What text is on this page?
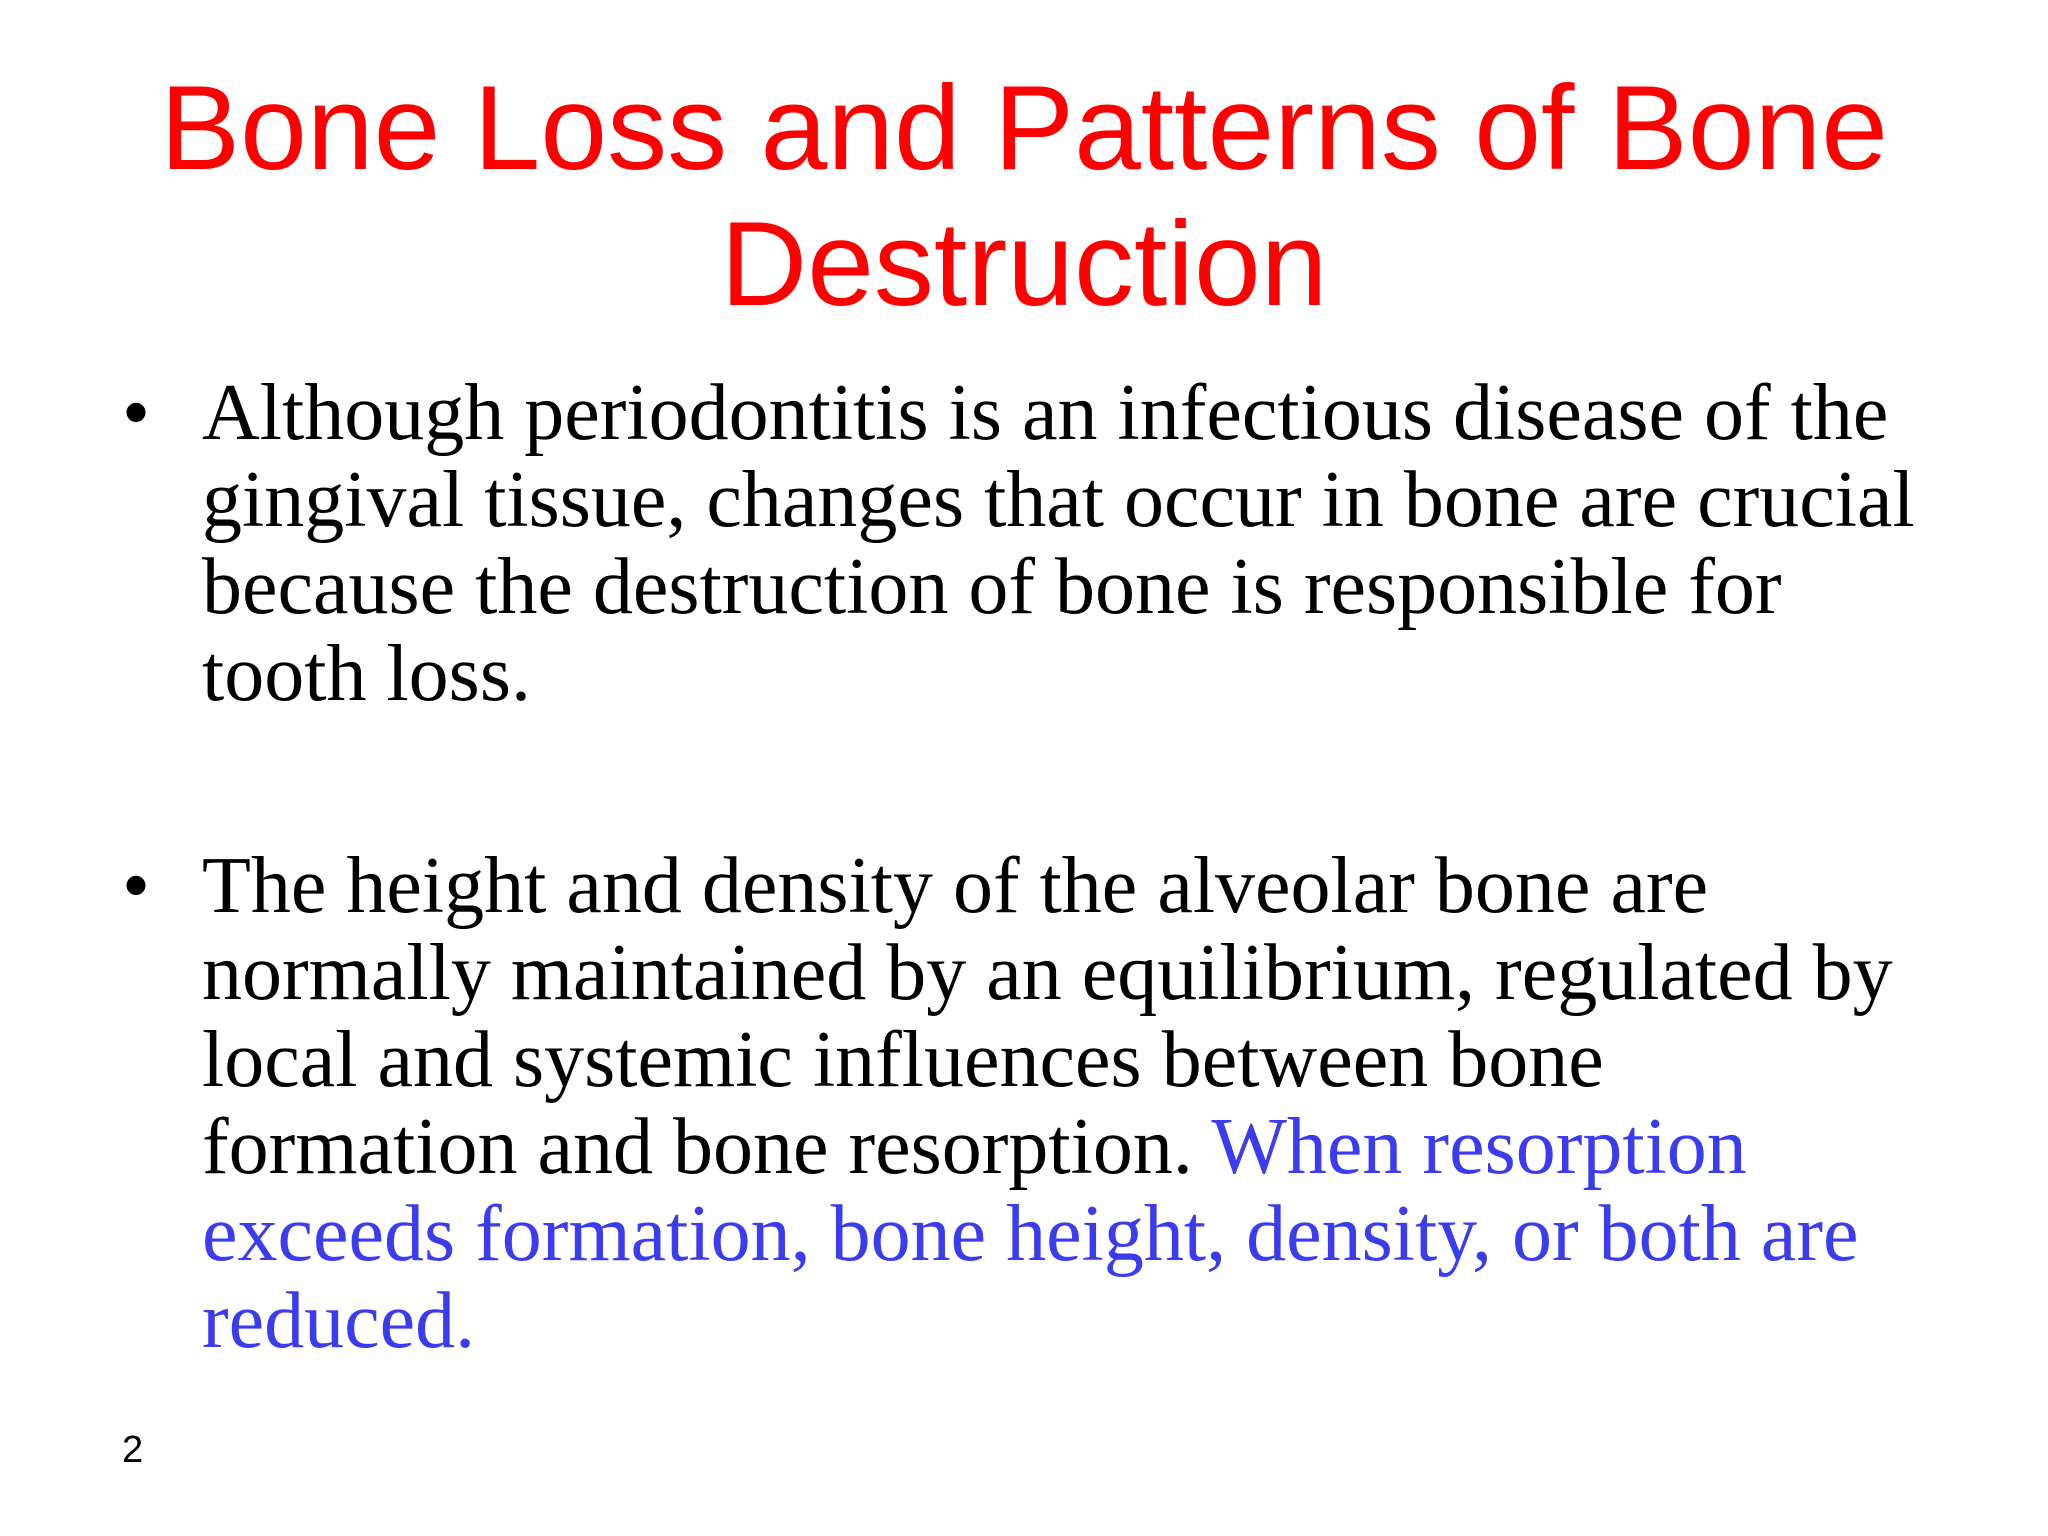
Bone Loss and Patterns of Bone
Destruction
• Although periodontitis is an infectious disease of the
gingival tissue, changes that occur in bone are crucial
because the destruction of bone is responsible for
tooth loss.
• The height and density of the alveolar bone are
normally maintained by an equilibrium, regulated by
local and systemic influences between bone
formation and bone resorption. When resorption
exceeds formation, bone height, density, or both are
reduced.
2
